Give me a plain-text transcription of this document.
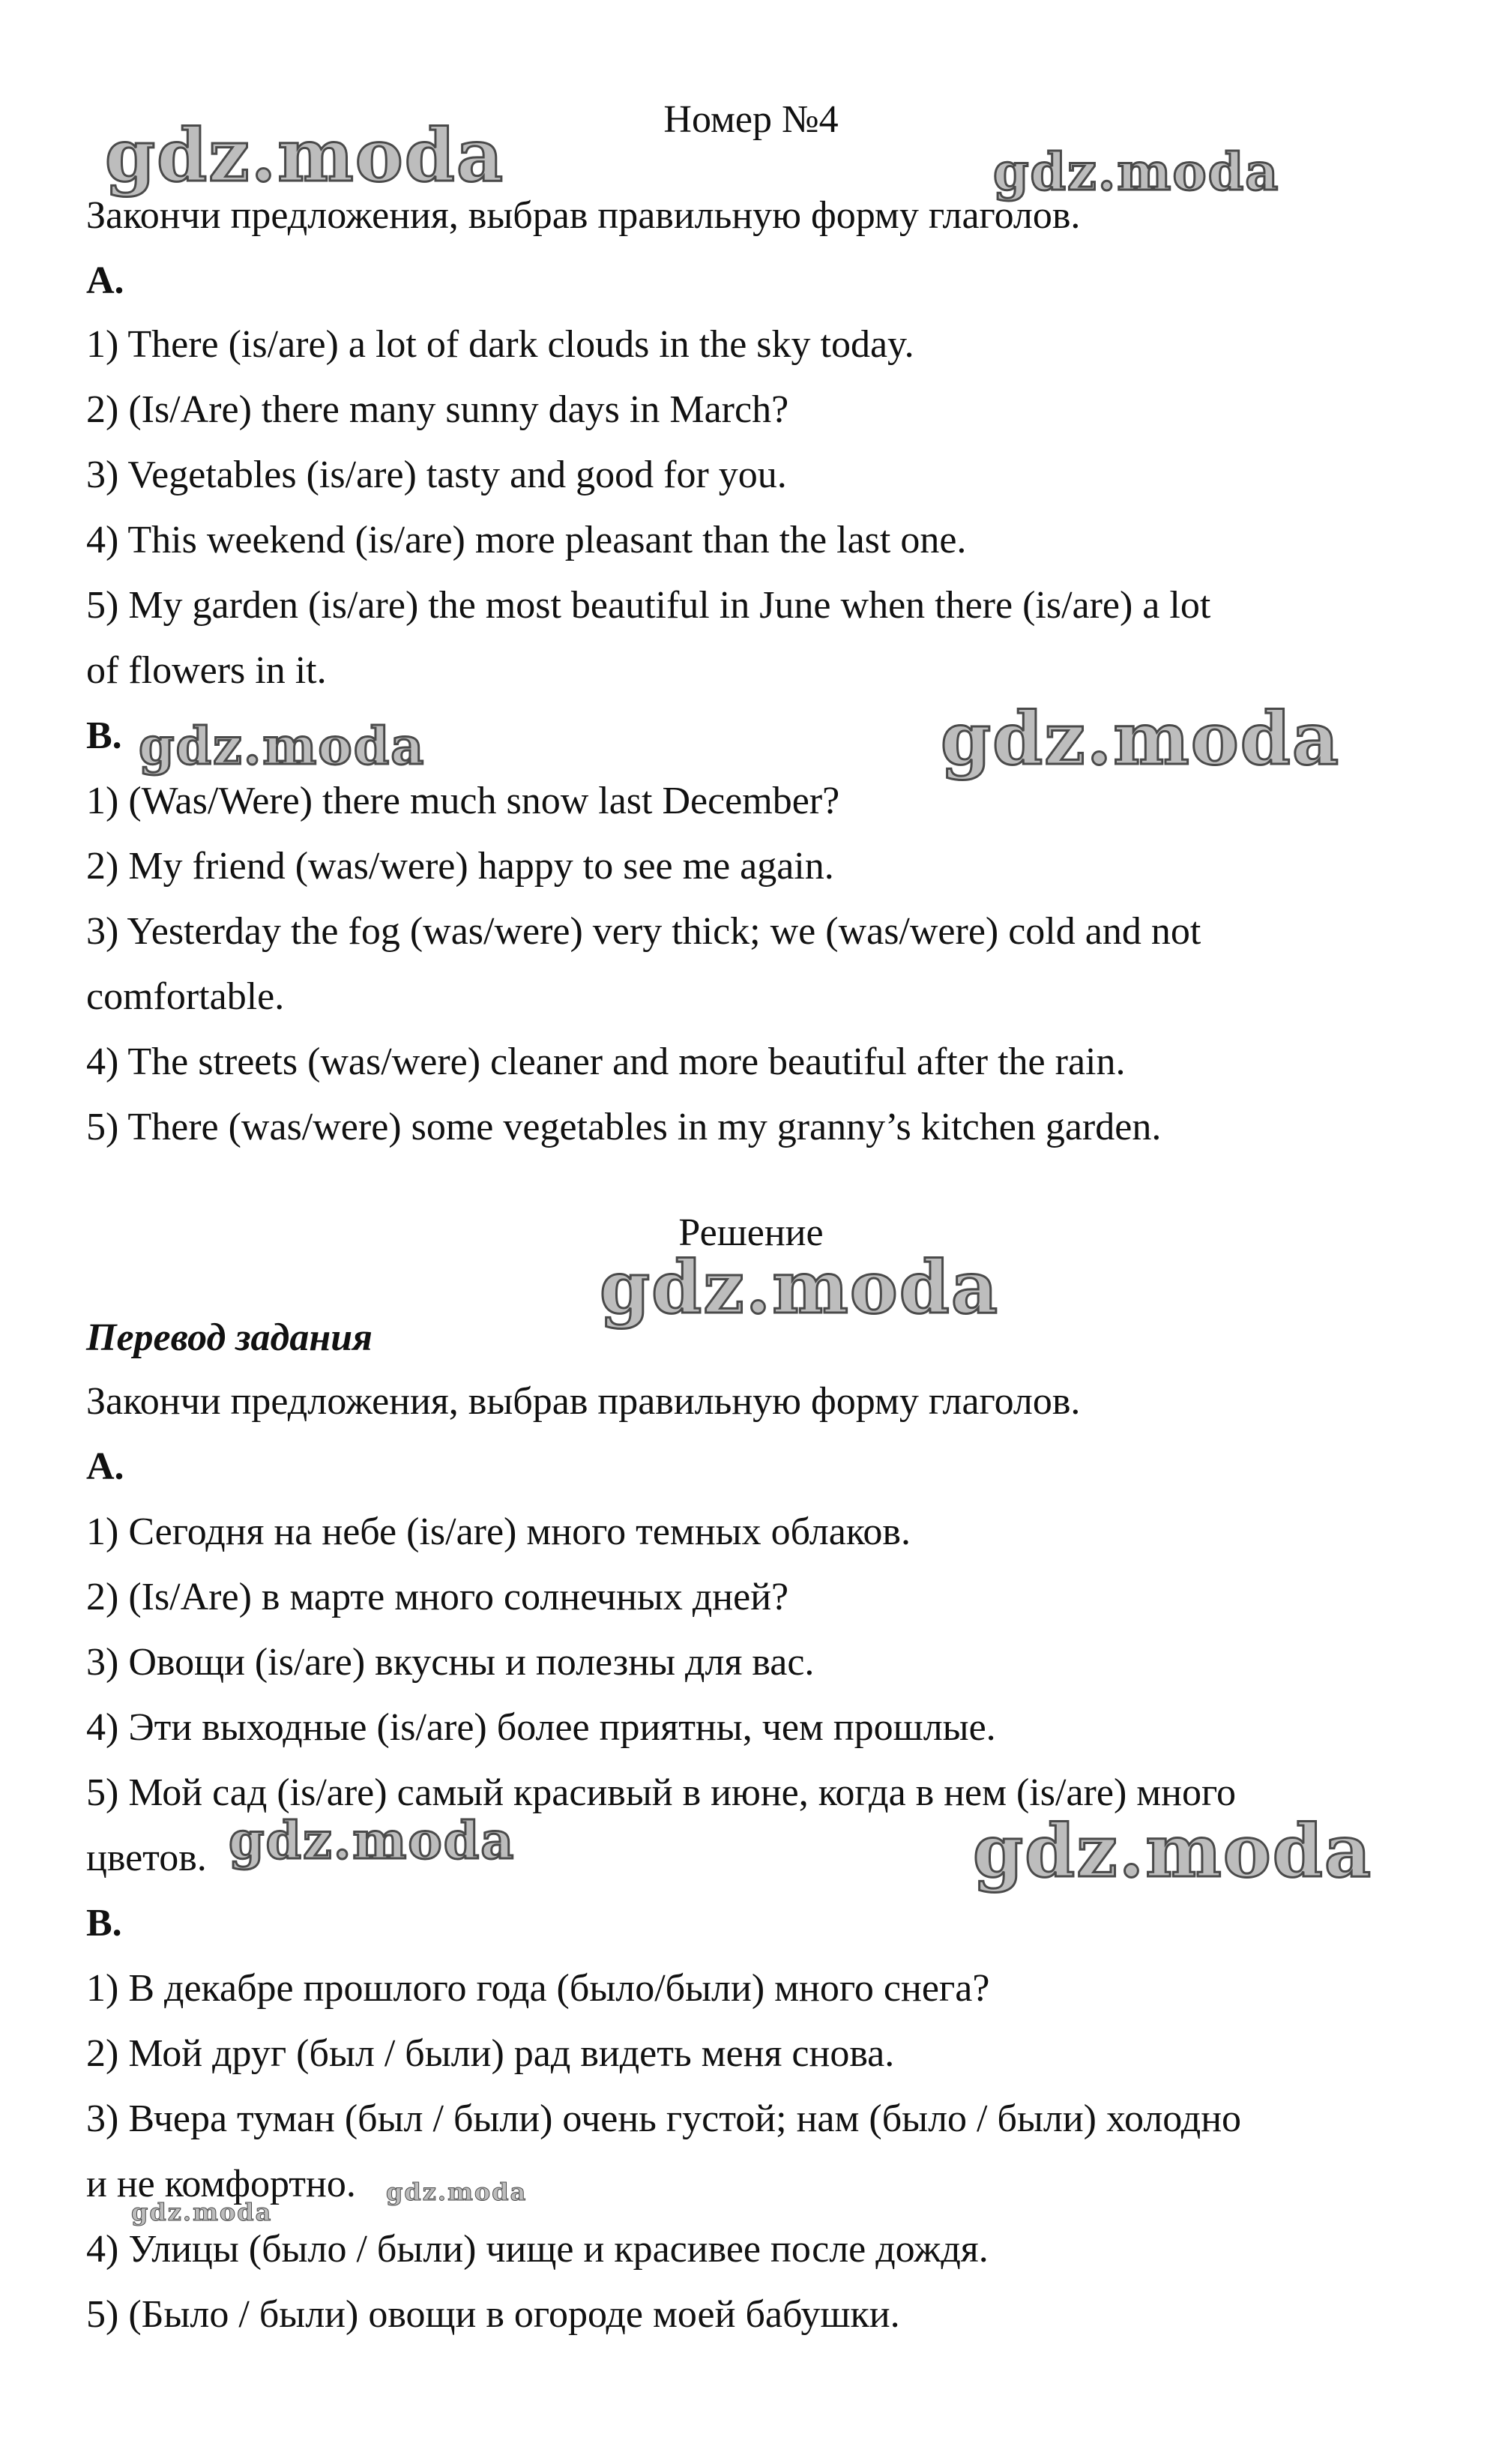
Номер №4
Закончи предложения, выбрав правильную форму глаголов.
A.
1) There (is/are) a lot of dark clouds in the sky today.
2) (Is/Are) there many sunny days in March?
3) Vegetables (is/are) tasty and good for you.
4) This weekend (is/are) more pleasant than the last one.
5) My garden (is/are) the most beautiful in June when there (is/are) a lot
of flowers in it.
B.
1) (Was/Were) there much snow last December?
2) My friend (was/were) happy to see me again.
3) Yesterday the fog (was/were) very thick; we (was/were) cold and not
comfortable.
4) The streets (was/were) cleaner and more beautiful after the rain.
5) There (was/were) some vegetables in my granny’s kitchen garden.
Решение
Перевод задания
Закончи предложения, выбрав правильную форму глаголов.
A.
1) Сегодня на небе (is/are) много темных облаков.
2) (Is/Are) в марте много солнечных дней?
3) Овощи (is/are) вкусны и полезны для вас.
4) Эти выходные (is/are) более приятны, чем прошлые.
5) Мой сад (is/are) самый красивый в июне, когда в нем (is/are) много
цветов.
B.
1) В декабре прошлого года (было/были) много снега?
2) Мой друг (был / были) рад видеть меня снова.
3) Вчера туман (был / были) очень густой; нам (было / были) холодно
и не комфортно.
4) Улицы (было / были) чище и красивее после дождя.
5) (Было / были) овощи в огороде моей бабушки.
gdz.moda	gdz.moda
gdz.moda	gdz.moda
gdz.moda
gdz.moda	gdz.moda
gdz.moda
gdz.moda
